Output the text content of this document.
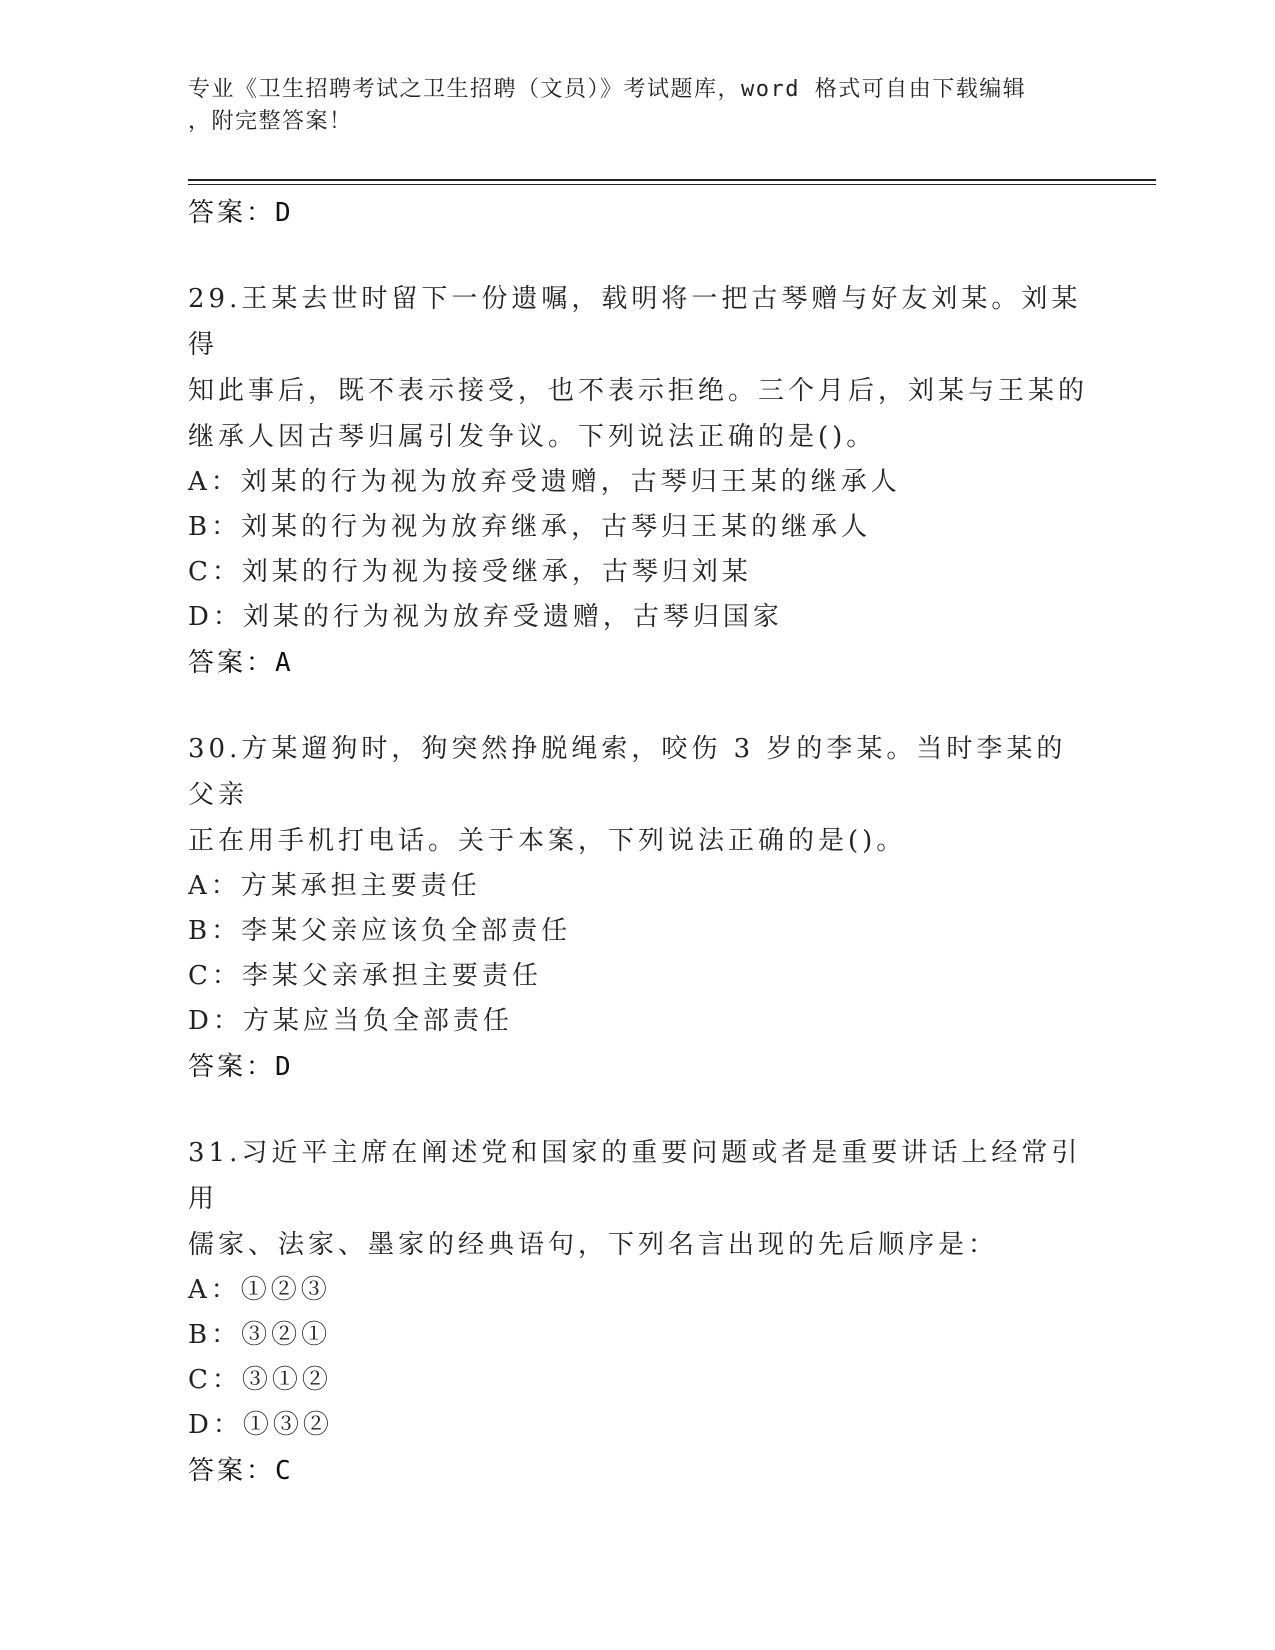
专业《卫生招聘考试之卫生招聘（文员）》考试题库，word 格式可自由下载编辑
，附完整答案！
答案：D
29.王某去世时留下一份遗嘱，载明将一把古琴赠与好友刘某。刘某得
知此事后，既不表示接受，也不表示拒绝。三个月后，刘某与王某的
继承人因古琴归属引发争议。下列说法正确的是()。
A：刘某的行为视为放弃受遗赠，古琴归王某的继承人
B：刘某的行为视为放弃继承，古琴归王某的继承人
C：刘某的行为视为接受继承，古琴归刘某
D：刘某的行为视为放弃受遗赠，古琴归国家
答案：A
30.方某遛狗时，狗突然挣脱绳索，咬伤 3 岁的李某。当时李某的父亲
正在用手机打电话。关于本案，下列说法正确的是()。
A：方某承担主要责任
B：李某父亲应该负全部责任
C：李某父亲承担主要责任
D：方某应当负全部责任
答案：D
31.习近平主席在阐述党和国家的重要问题或者是重要讲话上经常引用
儒家、法家、墨家的经典语句，下列名言出现的先后顺序是：
A：①②③
B：③②①
C：③①②
D：①③②
答案：C
